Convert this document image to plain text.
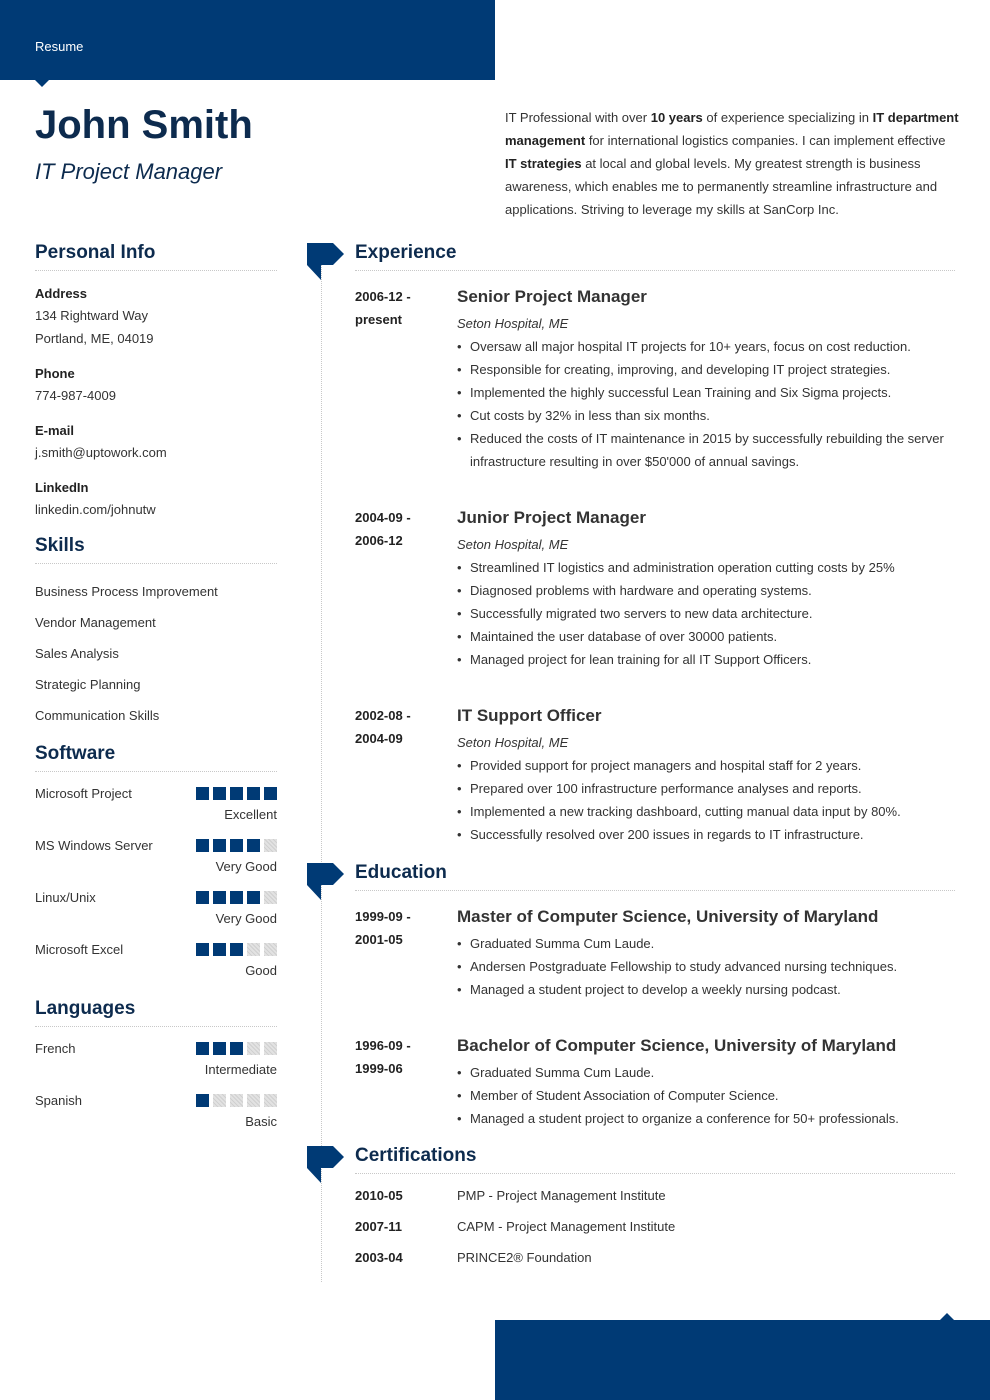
Resume
John Smith
IT Project Manager
IT Professional with over 10 years of experience specializing in IT department management for international logistics companies. I can implement effective IT strategies at local and global levels. My greatest strength is business awareness, which enables me to permanently streamline infrastructure and applications. Striving to leverage my skills at SanCorp Inc.
Personal Info
Address
134 Rightward Way
Portland, ME, 04019
Phone
774-987-4009
E-mail
j.smith@uptowork.com
LinkedIn
linkedin.com/johnutw
Skills
Business Process Improvement
Vendor Management
Sales Analysis
Strategic Planning
Communication Skills
Software
Microsoft Project
Excellent
MS Windows Server
Very Good
Linux/Unix
Very Good
Microsoft Excel
Good
Languages
French
Intermediate
Spanish
Basic
Experience
2006-12 -
present
Senior Project Manager
Seton Hospital, ME
• Oversaw all major hospital IT projects for 10+ years, focus on cost reduction.
• Responsible for creating, improving, and developing IT project strategies.
• Implemented the highly successful Lean Training and Six Sigma projects.
• Cut costs by 32% in less than six months.
• Reduced the costs of IT maintenance in 2015 by successfully rebuilding the server infrastructure resulting in over $50'000 of annual savings.
2004-09 -
2006-12
Junior Project Manager
Seton Hospital, ME
• Streamlined IT logistics and administration operation cutting costs by 25%
• Diagnosed problems with hardware and operating systems.
• Successfully migrated two servers to new data architecture.
• Maintained the user database of over 30000 patients.
• Managed project for lean training for all IT Support Officers.
2002-08 -
2004-09
IT Support Officer
Seton Hospital, ME
• Provided support for project managers and hospital staff for 2 years.
• Prepared over 100 infrastructure performance analyses and reports.
• Implemented a new tracking dashboard, cutting manual data input by 80%.
• Successfully resolved over 200 issues in regards to IT infrastructure.
Education
1999-09 -
2001-05
Master of Computer Science, University of Maryland
• Graduated Summa Cum Laude.
• Andersen Postgraduate Fellowship to study advanced nursing techniques.
• Managed a student project to develop a weekly nursing podcast.
1996-09 -
1999-06
Bachelor of Computer Science, University of Maryland
• Graduated Summa Cum Laude.
• Member of Student Association of Computer Science.
• Managed a student project to organize a conference for 50+ professionals.
Certifications
2010-05	PMP - Project Management Institute
2007-11	CAPM - Project Management Institute
2003-04	PRINCE2® Foundation
